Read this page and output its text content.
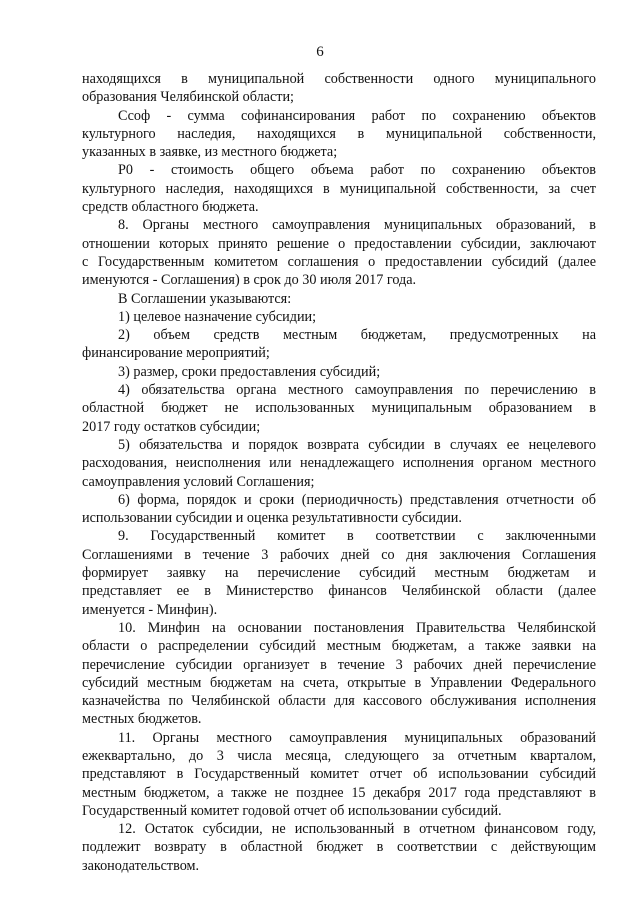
6
находящихся в муниципальной собственности одного муниципального
образования Челябинской области;
Ссоф - сумма софинансирования работ по сохранению объектов
культурного наследия, находящихся в муниципальной собственности,
указанных в заявке, из местного бюджета;
Р0 - стоимость общего объема работ по сохранению объектов
культурного наследия, находящихся в муниципальной собственности, за счет
средств областного бюджета.
8. Органы местного самоуправления муниципальных образований, в
отношении которых принято решение о предоставлении субсидии, заключают
с Государственным комитетом соглашения о предоставлении субсидий (далее
именуются - Соглашения) в срок до 30 июля 2017 года.
В Соглашении указываются:
1) целевое назначение субсидии;
2) объем средств местным бюджетам, предусмотренных на
финансирование мероприятий;
3) размер, сроки предоставления субсидий;
4) обязательства органа местного самоуправления по перечислению в
областной бюджет не использованных муниципальным образованием в
2017 году остатков субсидии;
5) обязательства и порядок возврата субсидии в случаях ее нецелевого
расходования, неисполнения или ненадлежащего исполнения органом местного
самоуправления условий Соглашения;
6) форма, порядок и сроки (периодичность) представления отчетности об
использовании субсидии и оценка результативности субсидии.
9. Государственный комитет в соответствии с заключенными
Соглашениями в течение 3 рабочих дней со дня заключения Соглашения
формирует заявку на перечисление субсидий местным бюджетам и
представляет ее в Министерство финансов Челябинской области (далее
именуется - Минфин).
10. Минфин на основании постановления Правительства Челябинской
области о распределении субсидий местным бюджетам, а также заявки на
перечисление субсидии организует в течение 3 рабочих дней перечисление
субсидий местным бюджетам на счета, открытые в Управлении Федерального
казначейства по Челябинской области для кассового обслуживания исполнения
местных бюджетов.
11. Органы местного самоуправления муниципальных образований
ежеквартально, до 3 числа месяца, следующего за отчетным кварталом,
представляют в Государственный комитет отчет об использовании субсидий
местным бюджетом, а также не позднее 15 декабря 2017 года представляют в
Государственный комитет годовой отчет об использовании субсидий.
12. Остаток субсидии, не использованный в отчетном финансовом году,
подлежит возврату в областной бюджет в соответствии с действующим
законодательством.
